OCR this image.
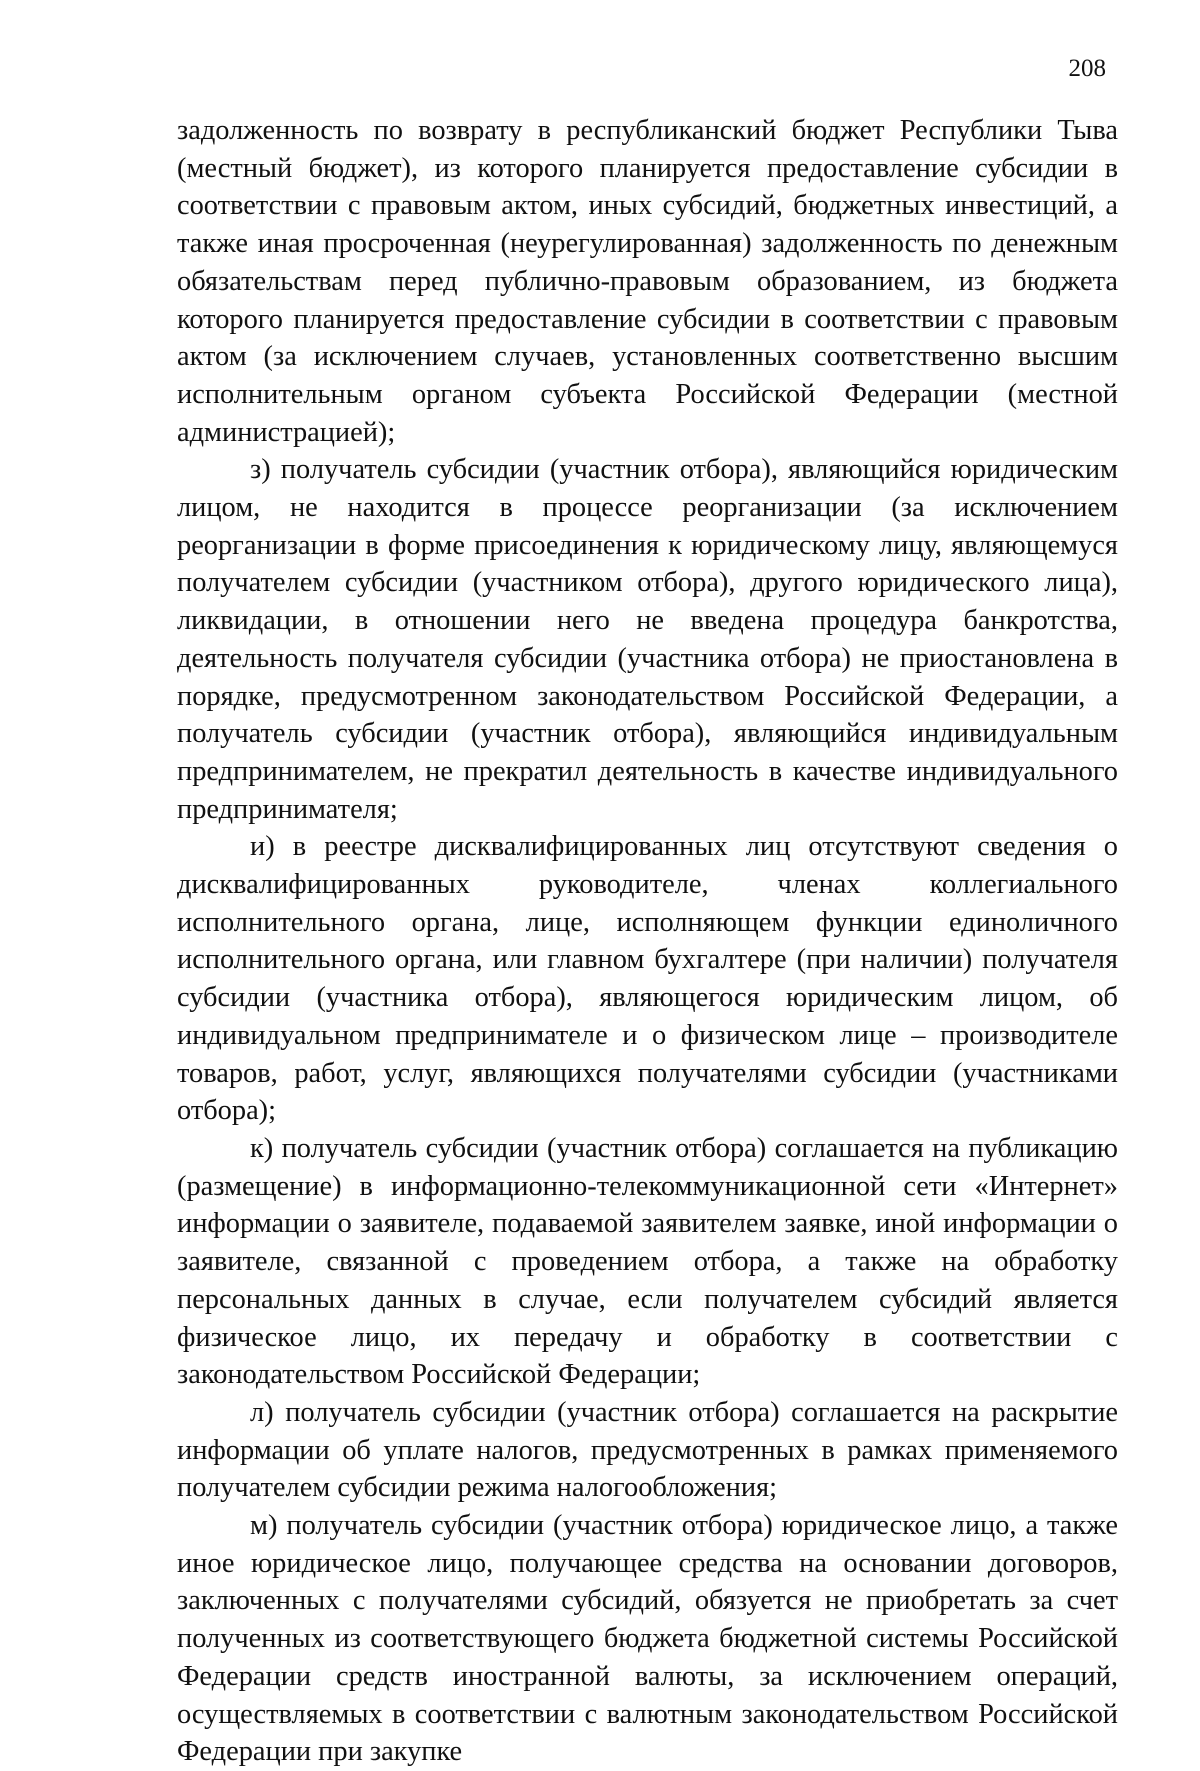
208

задолженность по возврату в республиканский бюджет Республики Тыва (местный бюджет), из которого планируется предоставление субсидии в соответствии с правовым актом, иных субсидий, бюджетных инвестиций, а также иная просроченная (неурегулированная) задолженность по денежным обязательствам перед публично-правовым образованием, из бюджета которого планируется предоставление субсидии в соответствии с правовым актом (за исключением случаев, установленных соответственно высшим исполнительным органом субъекта Российской Федерации (местной администрацией);

з) получатель субсидии (участник отбора), являющийся юридическим лицом, не находится в процессе реорганизации (за исключением реорганизации в форме присоединения к юридическому лицу, являющемуся получателем субсидии (участником отбора), другого юридического лица), ликвидации, в отношении него не введена процедура банкротства, деятельность получателя субсидии (участника отбора) не приостановлена в порядке, предусмотренном законодательством Российской Федерации, а получатель субсидии (участник отбора), являющийся индивидуальным предпринимателем, не прекратил деятельность в качестве индивидуального предпринимателя;

и) в реестре дисквалифицированных лиц отсутствуют сведения о дисквалифицированных руководителе, членах коллегиального исполнительного органа, лице, исполняющем функции единоличного исполнительного органа, или главном бухгалтере (при наличии) получателя субсидии (участника отбора), являющегося юридическим лицом, об индивидуальном предпринимателе и о физическом лице – производителе товаров, работ, услуг, являющихся получателями субсидии (участниками отбора);

к) получатель субсидии (участник отбора) соглашается на публикацию (размещение) в информационно-телекоммуникационной сети «Интернет» информации о заявителе, подаваемой заявителем заявке, иной информации о заявителе, связанной с проведением отбора, а также на обработку персональных данных в случае, если получателем субсидий является физическое лицо, их передачу и обработку в соответствии с законодательством Российской Федерации;

л) получатель субсидии (участник отбора) соглашается на раскрытие информации об уплате налогов, предусмотренных в рамках применяемого получателем субсидии режима налогообложения;

м) получатель субсидии (участник отбора) юридическое лицо, а также иное юридическое лицо, получающее средства на основании договоров, заключенных с получателями субсидий, обязуется не приобретать за счет полученных из соответствующего бюджета бюджетной системы Российской Федерации средств иностранной валюты, за исключением операций, осуществляемых в соответствии с валютным законодательством Российской Федерации при закупке
